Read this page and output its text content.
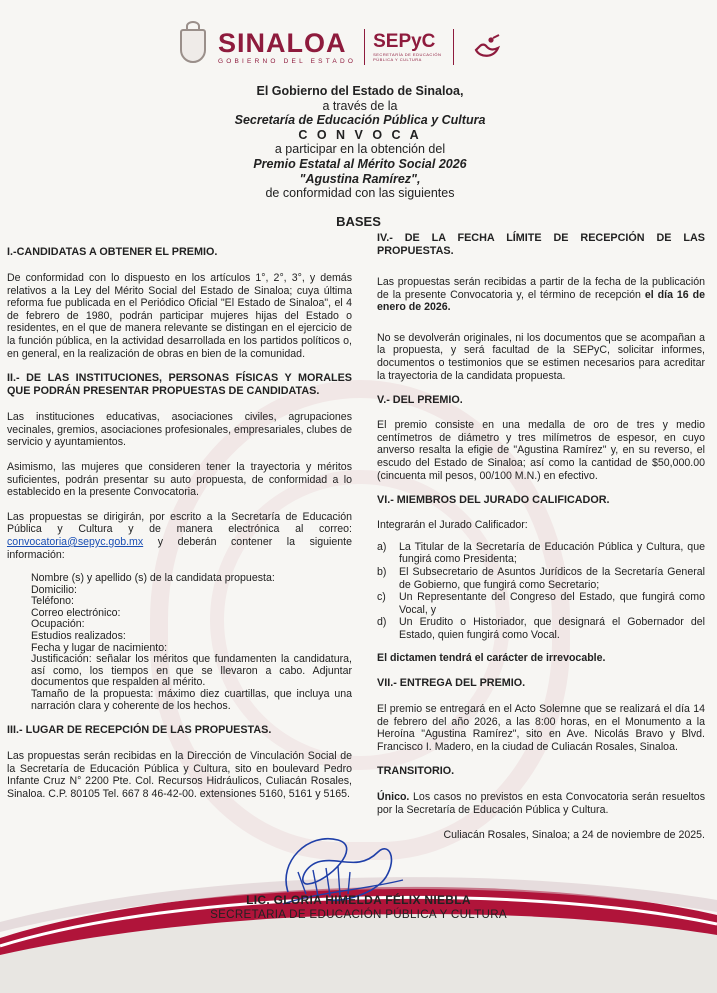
SINALOA
GOBIERNO DEL ESTADO
SEPyC
SECRETARÍA DE EDUCACIÓN PÚBLICA Y CULTURA
El Gobierno del Estado de Sinaloa,
a través de la
Secretaría de Educación Pública y Cultura
C O N V O C A
a participar en la obtención del
Premio Estatal al Mérito Social 2026
"Agustina Ramírez",
de conformidad con las siguientes
BASES
I.-CANDIDATAS A OBTENER EL PREMIO.

De conformidad con lo dispuesto en los artículos 1°, 2°, 3°, y demás relativos a la Ley del Mérito Social del Estado de Sinaloa; cuya última reforma fue publicada en el Periódico Oficial "El Estado de Sinaloa", el 4 de febrero de 1980, podrán participar mujeres hijas del Estado o residentes, en el que de manera relevante se distingan en el ejercicio de la función pública, en la actividad desarrollada en los partidos políticos o, en general, en la realización de obras en bien de la comunidad.

II.- DE LAS INSTITUCIONES, PERSONAS FÍSICAS Y MORALES QUE PODRÁN PRESENTAR PROPUESTAS DE CANDIDATAS.

Las instituciones educativas, asociaciones civiles, agrupaciones vecinales, gremios, asociaciones profesionales, empresariales, clubes de servicio y ayuntamientos.

Asimismo, las mujeres que consideren tener la trayectoria y méritos suficientes, podrán presentar su auto propuesta, de conformidad a lo establecido en la presente Convocatoria.

Las propuestas se dirigirán, por escrito a la Secretaría de Educación Pública y Cultura y de manera electrónica al correo: convocatoria@sepyc.gob.mx y deberán contener la siguiente información:

Nombre (s) y apellido (s) de la candidata propuesta:
Domicilio:
Teléfono:
Correo electrónico:
Ocupación:
Estudios realizados:
Fecha y lugar de nacimiento:
Justificación: señalar los méritos que fundamenten la candidatura, así como, los tiempos en que se llevaron a cabo. Adjuntar documentos que respalden al mérito.
Tamaño de la propuesta: máximo diez cuartillas, que incluya una narración clara y coherente de los hechos.
III.- LUGAR DE RECEPCIÓN DE LAS PROPUESTAS.

Las propuestas serán recibidas en la Dirección de Vinculación Social de la Secretaría de Educación Pública y Cultura, sito en boulevard Pedro Infante Cruz N° 2200 Pte. Col. Recursos Hidráulicos, Culiacán Rosales, Sinaloa. C.P. 80105 Tel. 667 8 46-42-00. extensiones 5160, 5161 y 5165.

IV.- DE LA FECHA LÍMITE DE RECEPCIÓN DE LAS PROPUESTAS.

Las propuestas serán recibidas a partir de la fecha de la publicación de la presente Convocatoria y, el término de recepción el día 16 de enero de 2026.

No se devolverán originales, ni los documentos que se acompañan a la propuesta, y será facultad de la SEPyC, solicitar informes, documentos o testimonios que se estimen necesarios para acreditar la trayectoria de la candidata propuesta.

V.- DEL PREMIO.

El premio consiste en una medalla de oro de tres y medio centímetros de diámetro y tres milímetros de espesor, en cuyo anverso resalta la efigie de "Agustina Ramírez" y, en su reverso, el escudo del Estado de Sinaloa; así como la cantidad de $50,000.00 (cincuenta mil pesos, 00/100 M.N.) en efectivo.

VI.- MIEMBROS DEL JURADO CALIFICADOR.

Integrarán el Jurado Calificador:

a)	La Titular de la Secretaría de Educación Pública y Cultura, que fungirá como Presidenta;
b)	El Subsecretario de Asuntos Jurídicos de la Secretaría General de Gobierno, que fungirá como Secretario;
c)	Un Representante del Congreso del Estado, que fungirá como Vocal, y
d)	Un Erudito o Historiador, que designará el Gobernador del Estado, quien fungirá como Vocal.

El dictamen tendrá el carácter de irrevocable.

VII.- ENTREGA DEL PREMIO.

El premio se entregará en el Acto Solemne que se realizará el día 14 de febrero del año 2026, a las 8:00 horas, en el Monumento a la Heroína "Agustina Ramírez", sito en Ave. Nicolás Bravo y Blvd. Francisco I. Madero, en la ciudad de Culiacán Rosales, Sinaloa.

TRANSITORIO.

Único. Los casos no previstos en esta Convocatoria serán resueltos por la Secretaría de Educación Pública y Cultura.

Culiacán Rosales, Sinaloa; a 24 de noviembre de 2025.

LIC. GLORIA HIMELDA FÉLIX NIEBLA
SECRETARIA DE EDUCACIÓN PÚBLICA Y CULTURA
